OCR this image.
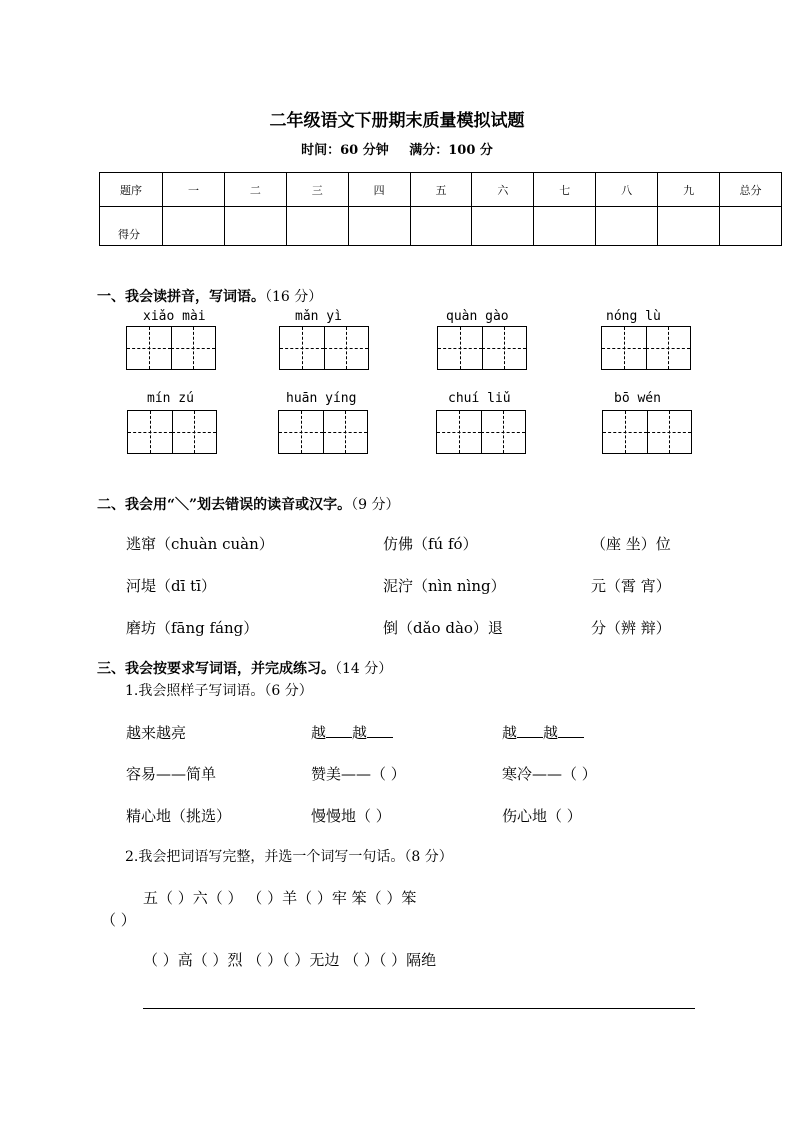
二年级语文下册期末质量模拟试题
时间：60 分钟 满分：100 分
题序	一	二	三	四	五	六	七	八	九	总分
得分										
一、我会读拼音，写词语。（16 分）
xiǎo mài	mǎn yì	quàn gào	nóng lù
mín zú	huān yíng	chuí liǔ	bō wén
二、我会用“＼”划去错误的读音或汉字。（9 分）
逃窜（chuàn cuàn）	仿佛（fú fó）	（座 坐）位
河堤（dī tī）	泥泞（nìn nìng）	元（霄 宵）
磨坊（fāng fáng）	倒（dǎo dào）退	分（辨 辩）
三、我会按要求写词语，并完成练习。（14 分）
1.我会照样子写词语。（6 分）
越来越亮	越 越	越 越
容易——简单	赞美——（ ）	寒冷——（ ）
精心地（挑选）	慢慢地（ ）	伤心地（ ）
2.我会把词语写完整，并选一个词写一句话。（8 分）
五（ ）六（ ） （ ）羊（ ）牢 笨（ ）笨
（ ）
（ ）高（ ）烈 （ ）（ ）无边 （ ）（ ）隔绝
